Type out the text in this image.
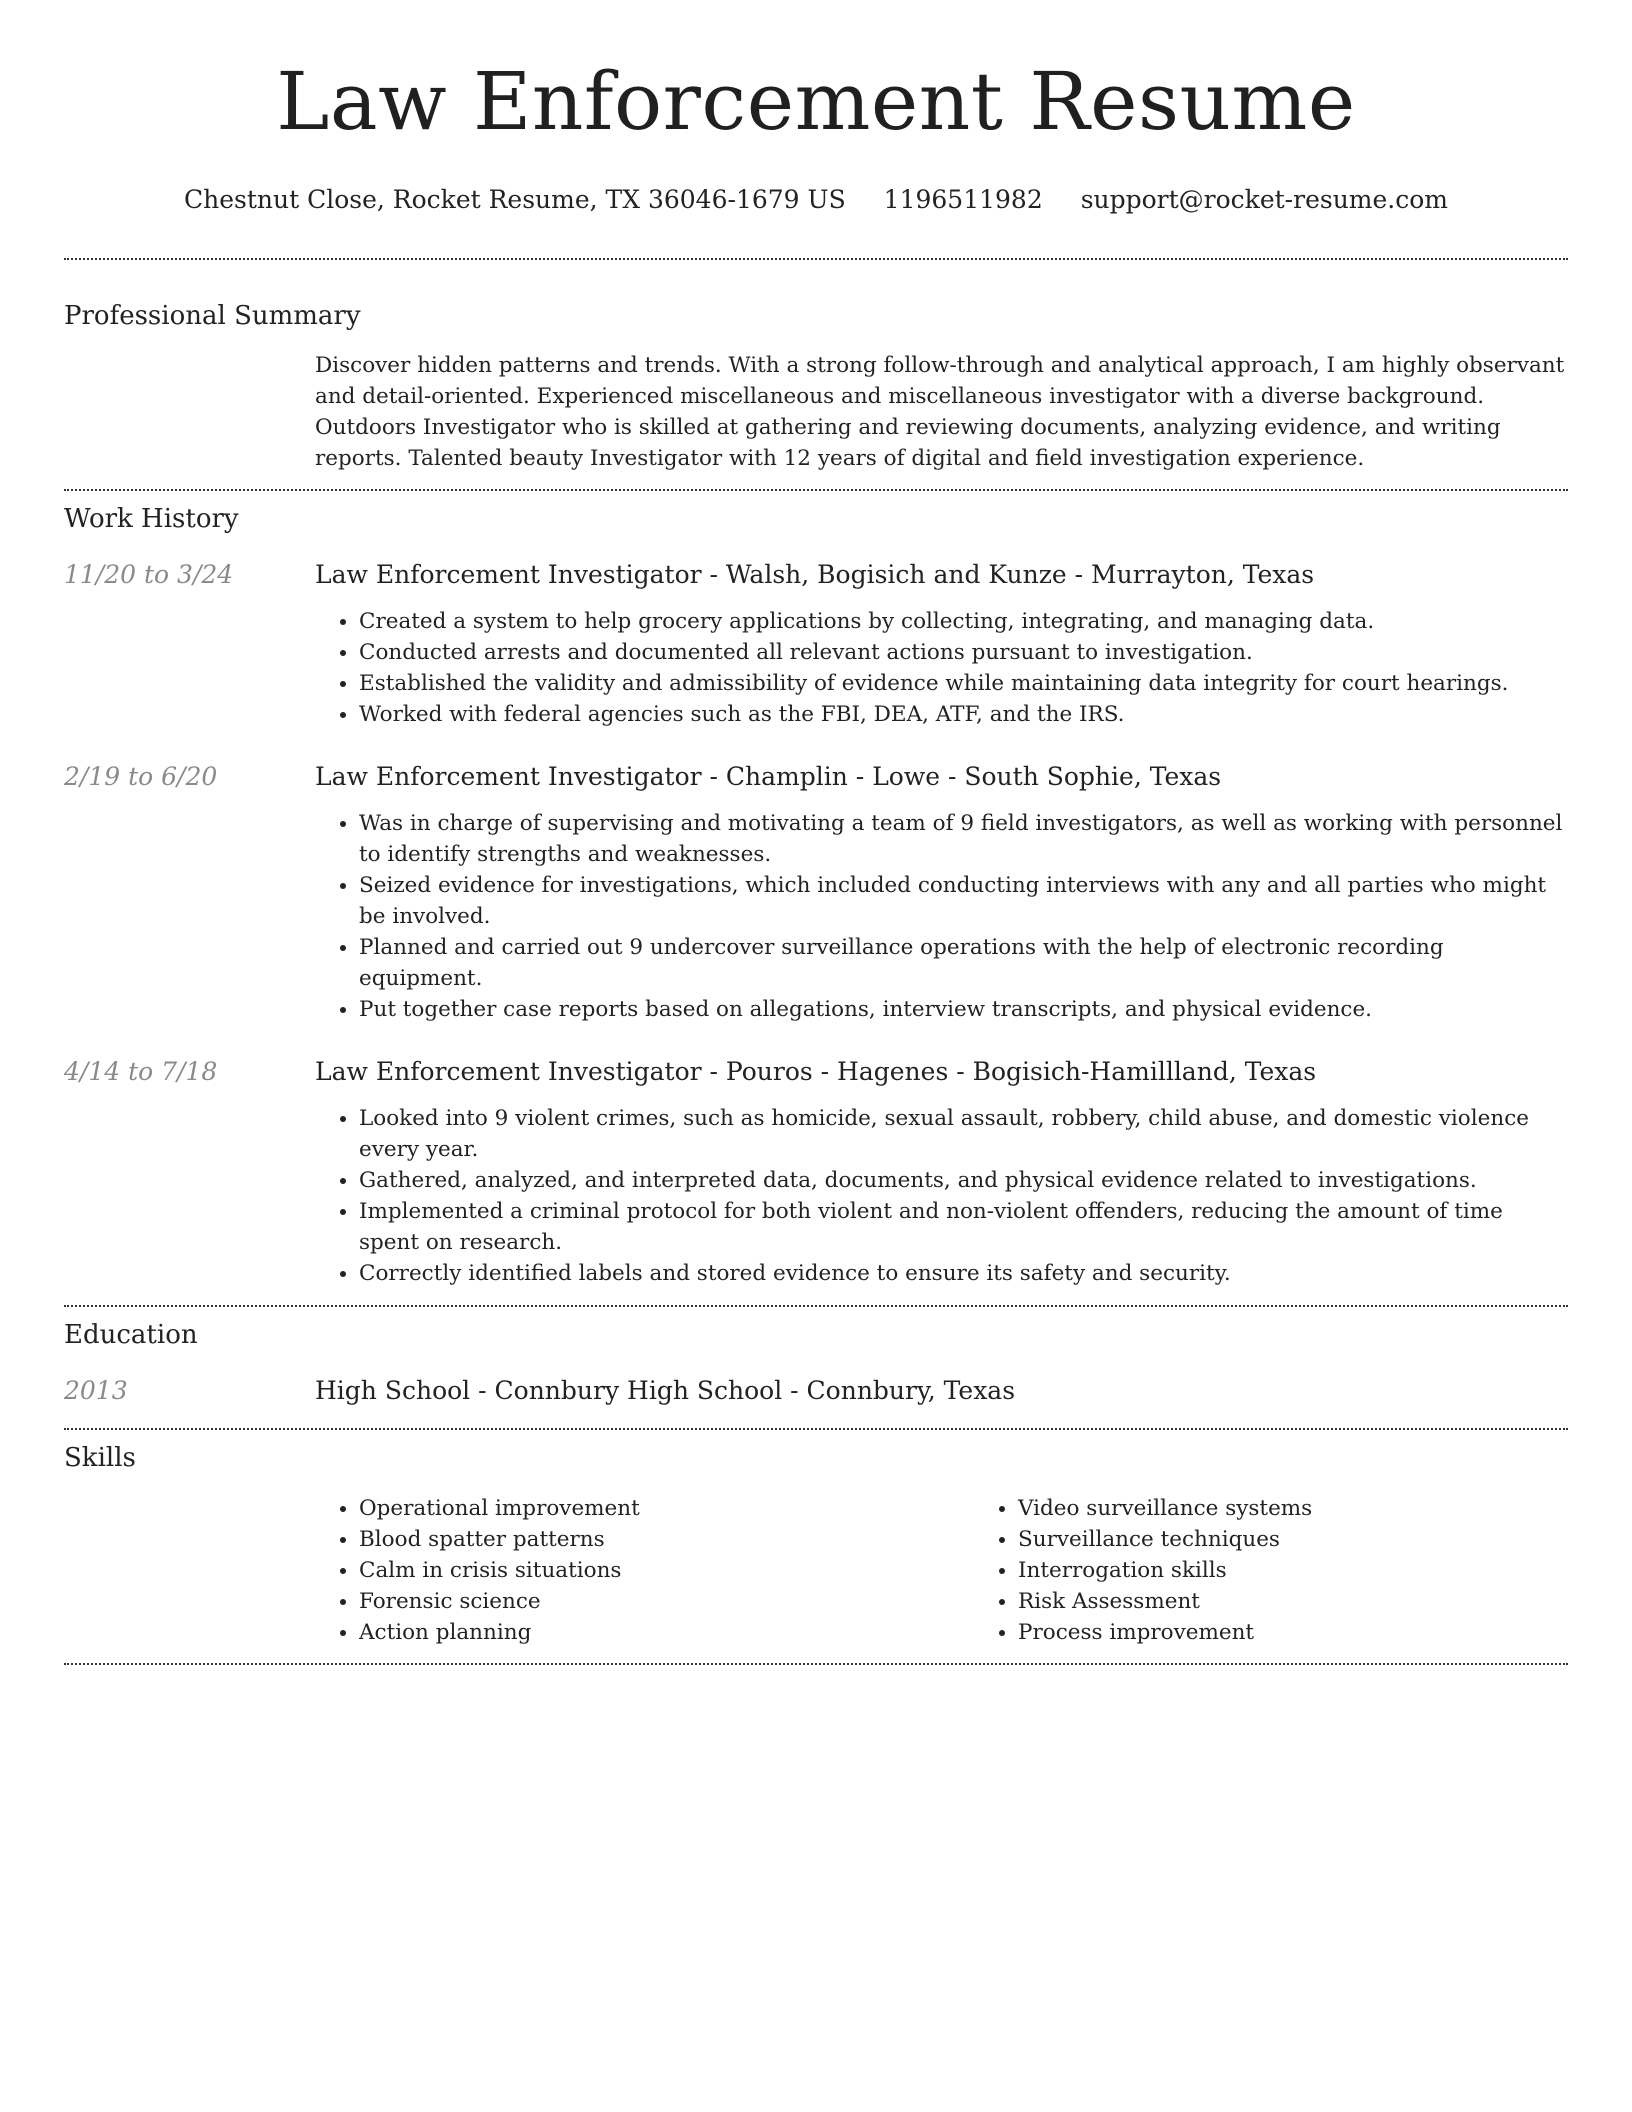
Law Enforcement Resume
Chestnut Close, Rocket Resume, TX 36046-1679 US 1196511982 support@rocket-resume.com
Professional Summary

Discover hidden patterns and trends. With a strong follow-through and analytical approach, I am highly observant and detail-oriented. Experienced miscellaneous and miscellaneous investigator with a diverse background. Outdoors Investigator who is skilled at gathering and reviewing documents, analyzing evidence, and writing reports. Talented beauty Investigator with 12 years of digital and field investigation experience.

Work History
11/20 to 3/24	Law Enforcement Investigator - Walsh, Bogisich and Kunze - Murrayton, Texas
• Created a system to help grocery applications by collecting, integrating, and managing data.
• Conducted arrests and documented all relevant actions pursuant to investigation.
• Established the validity and admissibility of evidence while maintaining data integrity for court hearings.
• Worked with federal agencies such as the FBI, DEA, ATF, and the IRS.
2/19 to 6/20	Law Enforcement Investigator - Champlin - Lowe - South Sophie, Texas
• Was in charge of supervising and motivating a team of 9 field investigators, as well as working with personnel to identify strengths and weaknesses.
• Seized evidence for investigations, which included conducting interviews with any and all parties who might be involved.
• Planned and carried out 9 undercover surveillance operations with the help of electronic recording equipment.
• Put together case reports based on allegations, interview transcripts, and physical evidence.
4/14 to 7/18	Law Enforcement Investigator - Pouros - Hagenes - Bogisich-Hamillland, Texas
• Looked into 9 violent crimes, such as homicide, sexual assault, robbery, child abuse, and domestic violence every year.
• Gathered, analyzed, and interpreted data, documents, and physical evidence related to investigations.
• Implemented a criminal protocol for both violent and non-violent offenders, reducing the amount of time spent on research.
• Correctly identified labels and stored evidence to ensure its safety and security.
Education
2013	High School - Connbury High School - Connbury, Texas
Skills
• Operational improvement
• Blood spatter patterns
• Calm in crisis situations
• Forensic science
• Action planning
• Video surveillance systems
• Surveillance techniques
• Interrogation skills
• Risk Assessment
• Process improvement
